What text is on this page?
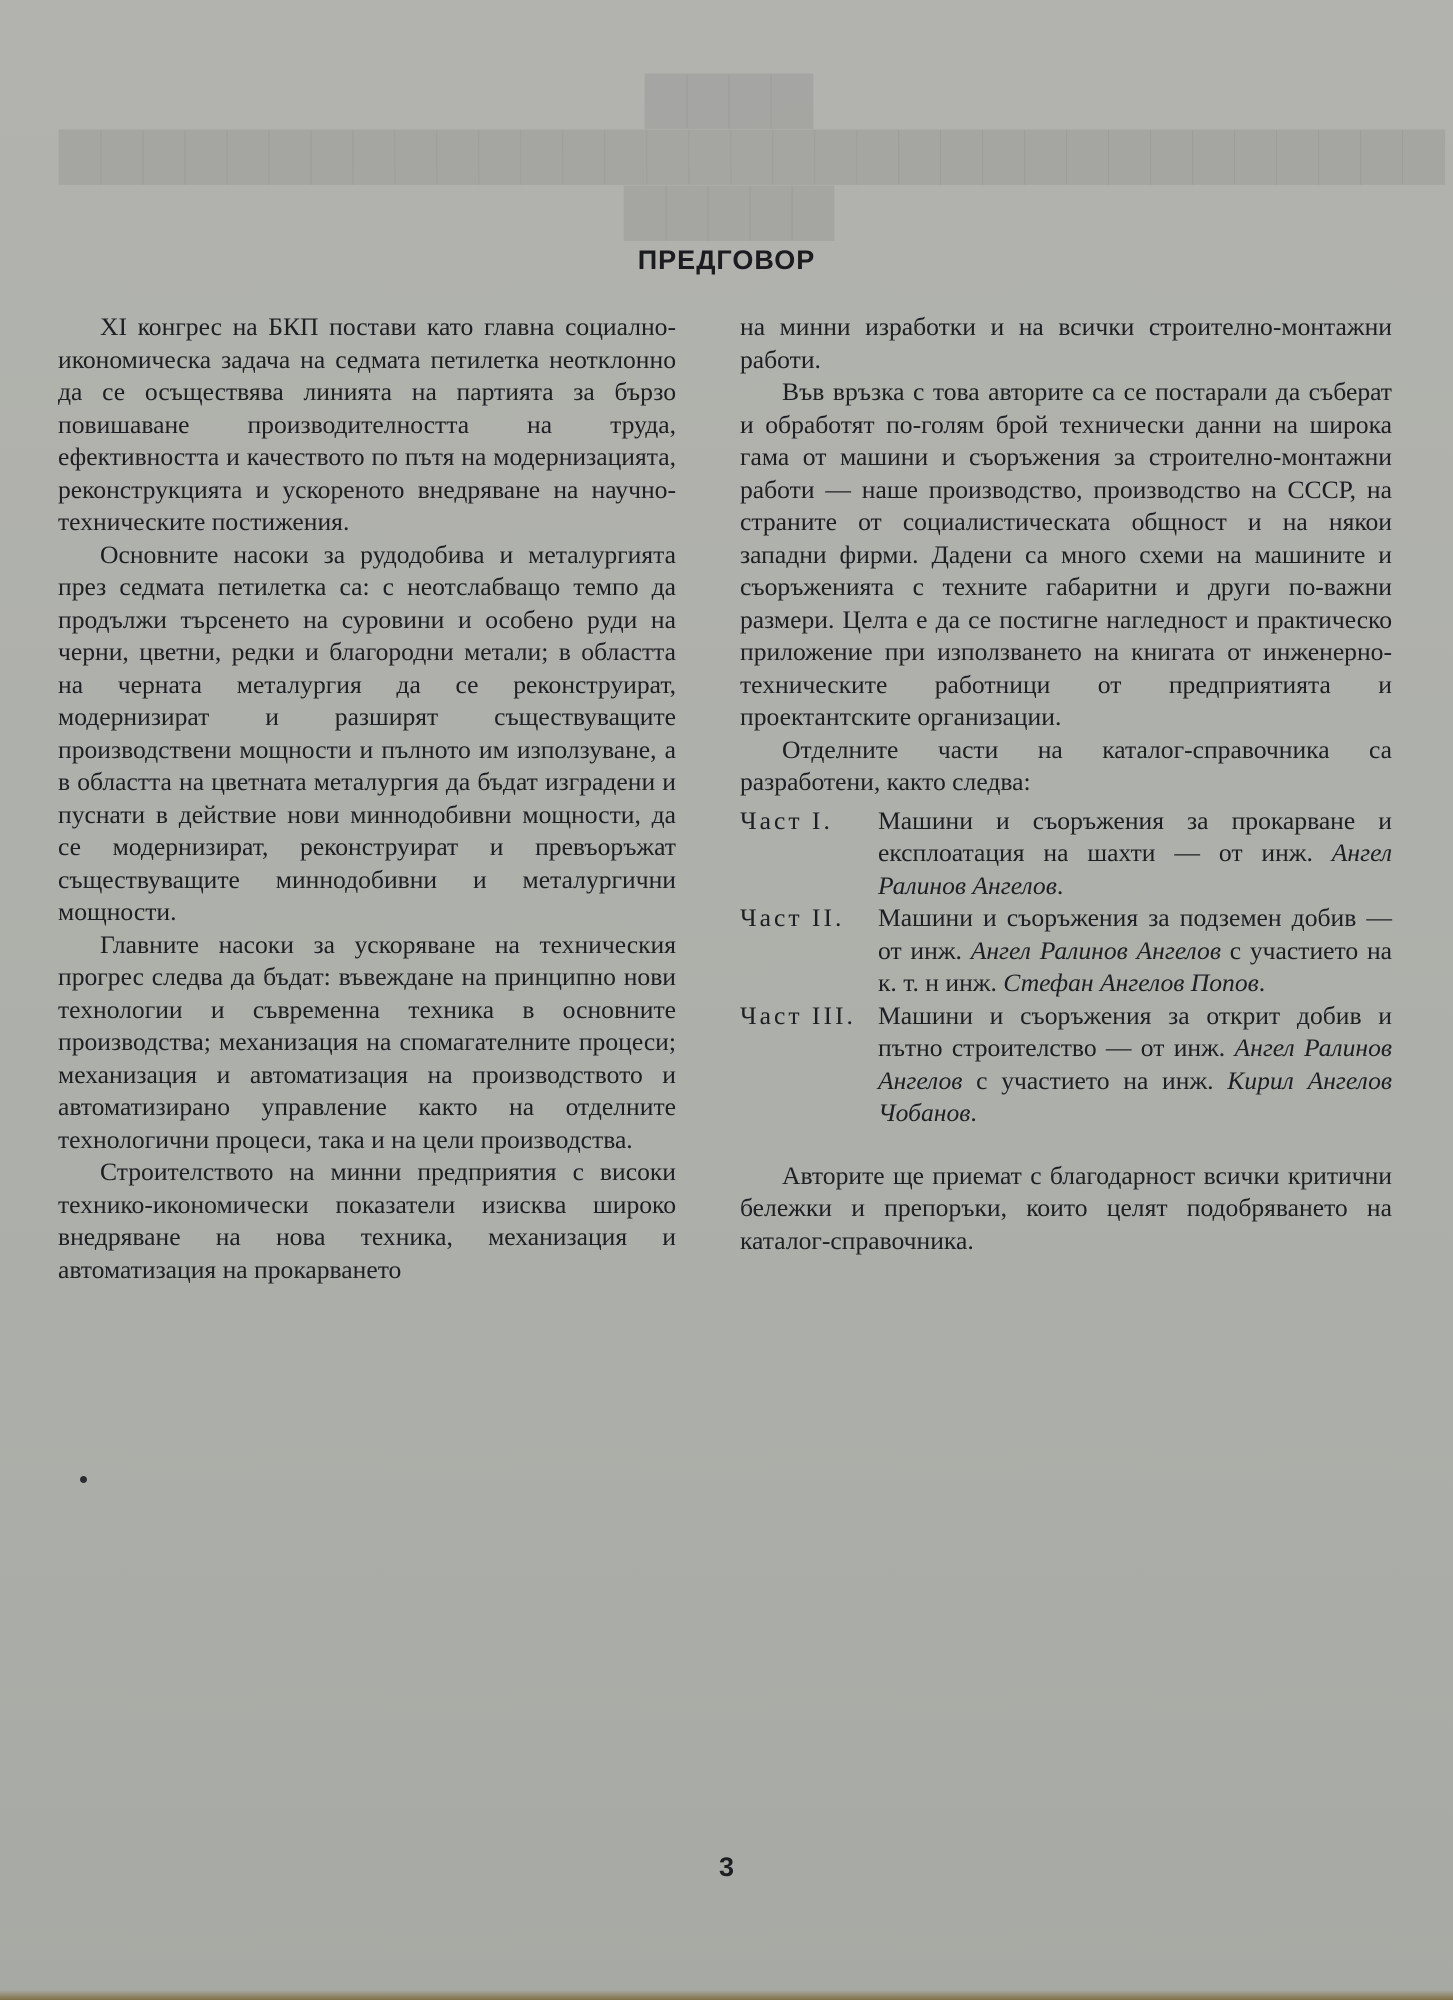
▇▇▇▇
▇▇▇▇▇▇▇▇▇▇▇▇▇▇▇▇▇▇▇▇▇▇▇▇▇▇▇▇▇▇▇▇▇
▇▇▇▇▇
ПРЕДГОВОР

XI конгрес на БКП постави като главна социално-икономическа задача на седмата петилетка неотклонно да се осъществява линията на партията за бързо повишаване производителността на труда, ефективността и качеството по пътя на модернизацията, реконструкцията и ускореното внедряване на научно-техническите постижения.

Основните насоки за рудодобива и металургията през седмата петилетка са: с неотслабващо темпо да продължи търсенето на суровини и особено руди на черни, цветни, редки и благородни метали; в областта на черната металургия да се реконструират, модернизират и разширят съществуващите производствени мощности и пълното им използуване, а в областта на цветната металургия да бъдат изградени и пуснати в действие нови миннодобивни мощности, да се модернизират, реконструират и превъоръжат съществуващите миннодобивни и металургични мощности.

Главните насоки за ускоряване на техническия прогрес следва да бъдат: въвеждане на принципно нови технологии и съвременна техника в основните производства; механизация на спомагателните процеси; механизация и автоматизация на производството и автоматизирано управление както на отделните технологични процеси, така и на цели производства.

Строителството на минни предприятия с високи технико-икономически показатели изисква широко внедряване на нова техника, механизация и автоматизация на прокарването

на минни изработки и на всички строително-монтажни работи.

Във връзка с това авторите са се постарали да съберат и обработят по-голям брой технически данни на широка гама от машини и съоръжения за строително-монтажни работи — наше производство, производство на СССР, на страните от социалистическата общност и на някои западни фирми. Дадени са много схеми на машините и съоръженията с техните габаритни и други по-важни размери. Целта е да се постигне нагледност и практическо приложение при използването на книгата от инженерно-техническите работници от предприятията и проектантските организации.

Отделните части на каталог-справочника са разработени, както следва:

Част I.	Машини и съоръжения за прокарване и експлоатация на шахти — от инж. Ангел Ралинов Ангелов.
Част II.	Машини и съоръжения за подземен добив — от инж. Ангел Ралинов Ангелов с участието на к. т. н инж. Стефан Ангелов Попов.
Част III. Машини и съоръжения за открит добив и пътно строителство — от инж. Ангел Ралинов Ангелов с участието на инж. Кирил Ангелов Чобанов.

Авторите ще приемат с благодарност всички критични бележки и препоръки, които целят подобряването на каталог-справочника.

3
